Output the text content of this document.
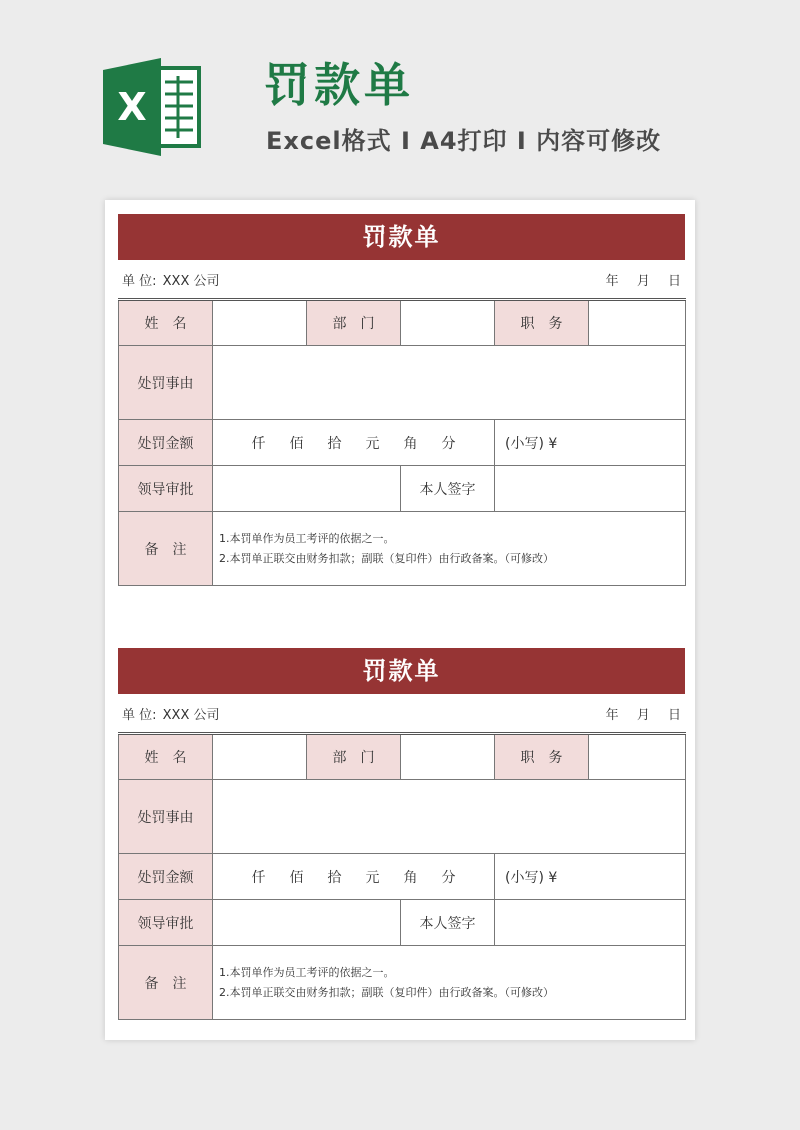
X	罚款单
Excel格式 I A4打印 I 内容可修改
罚款单
单 位: XXX 公司	年 月 日
姓名		部门		职务	
处罚事由					
处罚金额	仟 佰 拾 元 角 分			(小写) ¥	
领导审批			本人签字		
备注	1.本罚单作为员工考评的依据之一。
2.本罚单正联交由财务扣款；副联（复印件）由行政备案。（可修改）				
罚款单
单 位: XXX 公司	年 月 日
姓名		部门		职务	
处罚事由					
处罚金额	仟 佰 拾 元 角 分			(小写) ¥	
领导审批			本人签字		
备注	1.本罚单作为员工考评的依据之一。
2.本罚单正联交由财务扣款；副联（复印件）由行政备案。（可修改）				
